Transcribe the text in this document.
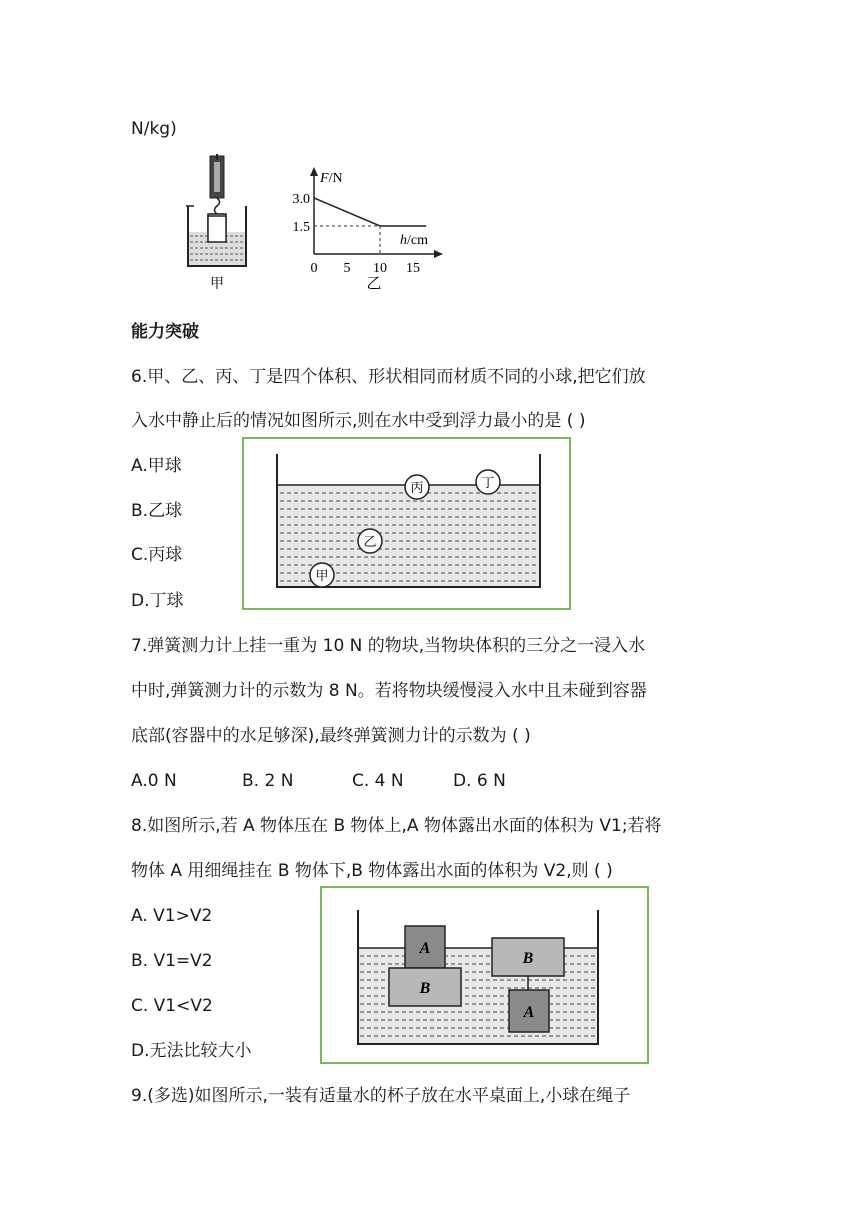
N/kg)
甲
F/N
h/cm
0 5 10 15
3.0
1.5
乙
能力突破
6.甲、乙、丙、丁是四个体积、形状相同而材质不同的小球,把它们放
入水中静止后的情况如图所示,则在水中受到浮力最小的是 ( )
A.甲球
B.乙球
C.丙球
D.丁球
丙	丁
乙
甲
7.弹簧测力计上挂一重为 10 N 的物块,当物块体积的三分之一浸入水
中时,弹簧测力计的示数为 8 N。若将物块缓慢浸入水中且未碰到容器
底部(容器中的水足够深),最终弹簧测力计的示数为 ( )
A.0 N	B. 2 N	C. 4 N	D. 6 N
8.如图所示,若 A 物体压在 B 物体上,A 物体露出水面的体积为 V1;若将
物体 A 用细绳挂在 B 物体下,B 物体露出水面的体积为 V2,则 ( )
A. V1>V2
B. V1=V2
C. V1<V2
D.无法比较大小
A
B
B
A
9.(多选)如图所示,一装有适量水的杯子放在水平桌面上,小球在绳子
